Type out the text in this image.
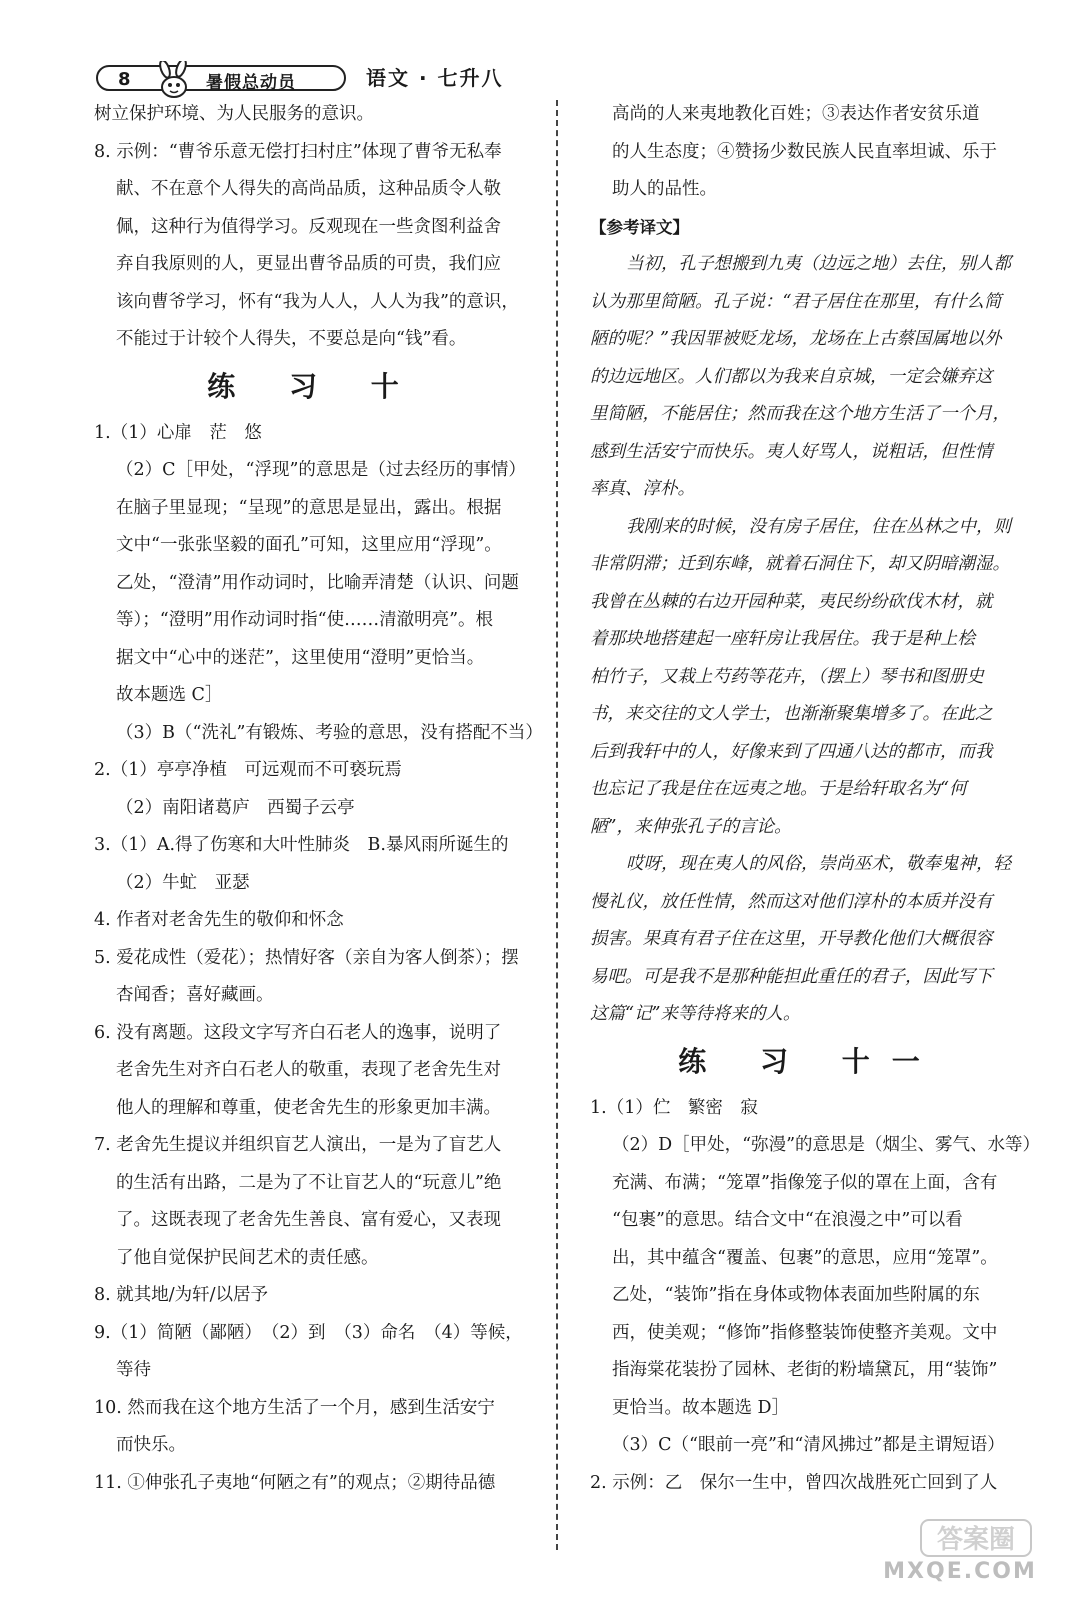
8	暑假总动员	语文 · 七升八
树立保护环境、为人民服务的意识。
8. 示例：“曹爷乐意无偿打扫村庄”体现了曹爷无私奉
献、不在意个人得失的高尚品质，这种品质令人敬
佩，这种行为值得学习。反观现在一些贪图利益舍
弃自我原则的人，更显出曹爷品质的可贵，我们应
该向曹爷学习，怀有“我为人人，人人为我”的意识，
不能过于计较个人得失，不要总是向“钱”看。
练 习 十
1.（1）心扉　茫　悠
（2）C［甲处，“浮现”的意思是（过去经历的事情）
在脑子里显现；“呈现”的意思是显出，露出。根据
文中“一张张坚毅的面孔”可知，这里应用“浮现”。
乙处，“澄清”用作动词时，比喻弄清楚（认识、问题
等）；“澄明”用作动词时指“使……清澈明亮”。根
据文中“心中的迷茫”，这里使用“澄明”更恰当。
故本题选 C］
（3）B（“洗礼”有锻炼、考验的意思，没有搭配不当）
2.（1）亭亭净植　可远观而不可亵玩焉
（2）南阳诸葛庐　西蜀子云亭
3.（1）A.得了伤寒和大叶性肺炎　B.暴风雨所诞生的
（2）牛虻　亚瑟
4. 作者对老舍先生的敬仰和怀念
5. 爱花成性（爱花）；热情好客（亲自为客人倒茶）；摆
杏闻香；喜好藏画。
6. 没有离题。这段文字写齐白石老人的逸事，说明了
老舍先生对齐白石老人的敬重，表现了老舍先生对
他人的理解和尊重，使老舍先生的形象更加丰满。
7. 老舍先生提议并组织盲艺人演出，一是为了盲艺人
的生活有出路，二是为了不让盲艺人的“玩意儿”绝
了。这既表现了老舍先生善良、富有爱心，又表现
了他自觉保护民间艺术的责任感。
8. 就其地/为轩/以居予
9.（1）简陋（鄙陋）　（2）到　（3）命名　（4）等候，
等待
10. 然而我在这个地方生活了一个月，感到生活安宁
而快乐。
11. ①伸张孔子夷地“何陋之有”的观点；②期待品德
高尚的人来夷地教化百姓；③表达作者安贫乐道
的人生态度；④赞扬少数民族人民直率坦诚、乐于
助人的品性。
【参考译文】
当初，孔子想搬到九夷（边远之地）去住，别人都
认为那里简陋。孔子说：“君子居住在那里，有什么简
陋的呢？”我因罪被贬龙场，龙场在上古蔡国属地以外
的边远地区。人们都以为我来自京城，一定会嫌弃这
里简陋，不能居住；然而我在这个地方生活了一个月，
感到生活安宁而快乐。夷人好骂人，说粗话，但性情
率真、淳朴。
我刚来的时候，没有房子居住，住在丛林之中，则
非常阴滞；迁到东峰，就着石洞住下，却又阴暗潮湿。
我曾在丛棘的右边开园种菜，夷民纷纷砍伐木材，就
着那块地搭建起一座轩房让我居住。我于是种上桧
柏竹子，又栽上芍药等花卉，（摆上）琴书和图册史
书，来交往的文人学士，也渐渐聚集增多了。在此之
后到我轩中的人，好像来到了四通八达的都市，而我
也忘记了我是住在远夷之地。于是给轩取名为“何
陋”，来伸张孔子的言论。
哎呀，现在夷人的风俗，崇尚巫术，敬奉鬼神，轻
慢礼仪，放任性情，然而这对他们淳朴的本质并没有
损害。果真有君子住在这里，开导教化他们大概很容
易吧。可是我不是那种能担此重任的君子，因此写下
这篇“记”来等待将来的人。
练 习 十一
1.（1）伫　繁密　寂
（2）D［甲处，“弥漫”的意思是（烟尘、雾气、水等）
充满、布满；“笼罩”指像笼子似的罩在上面，含有
“包裹”的意思。结合文中“在浪漫之中”可以看
出，其中蕴含“覆盖、包裹”的意思，应用“笼罩”。
乙处，“装饰”指在身体或物体表面加些附属的东
西，使美观；“修饰”指修整装饰使整齐美观。文中
指海棠花装扮了园林、老街的粉墙黛瓦，用“装饰”
更恰当。故本题选 D］
（3）C（“眼前一亮”和“清风拂过”都是主谓短语）
2. 示例：乙　保尔一生中，曾四次战胜死亡回到了人
答案圈
MXQE.COM
